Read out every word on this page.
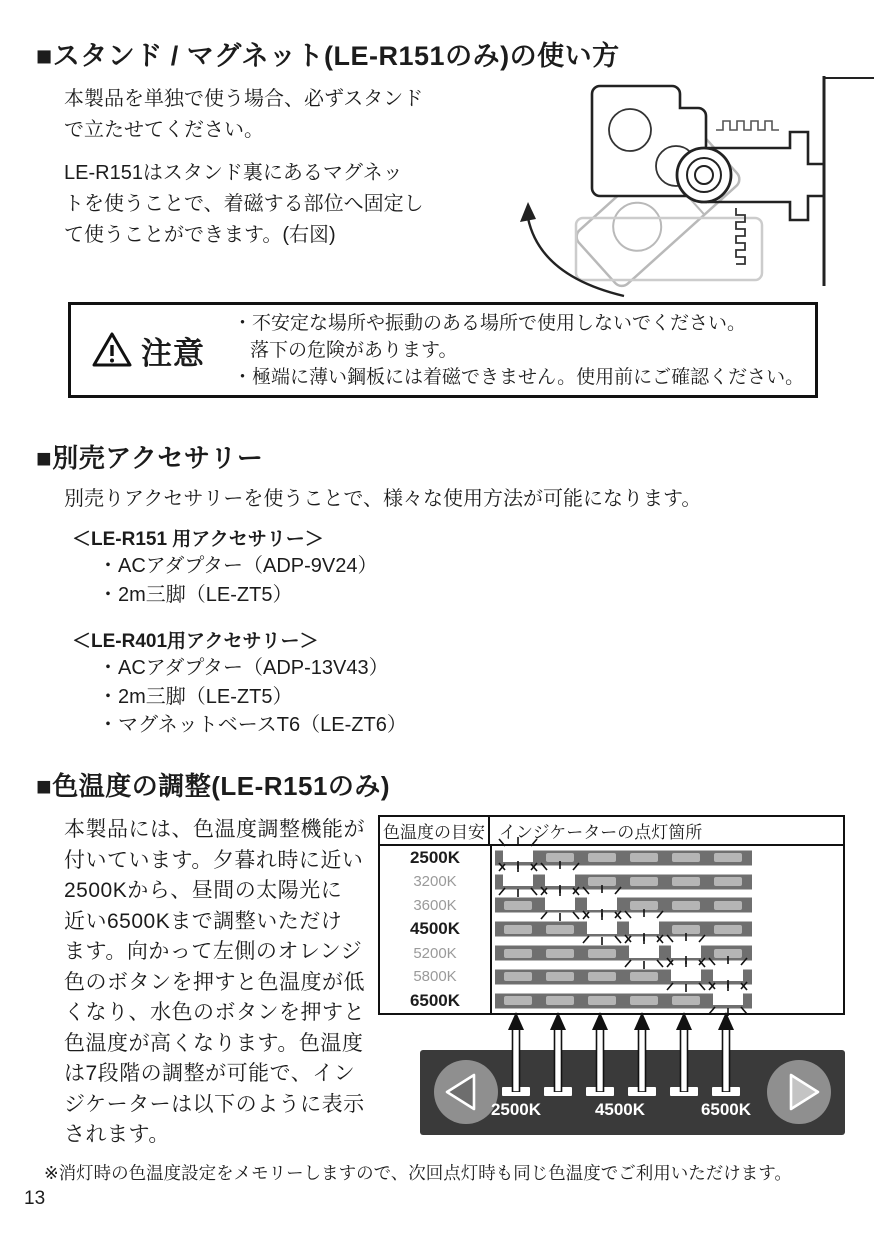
■スタンド / マグネット(LE-R151のみ)の使い方
本製品を単独で使う場合、必ずスタンド
で立たせてください。
LE-R151はスタンド裏にあるマグネッ
トを使うことで、着磁する部位へ固定し
て使うことができます。(右図)
注意
・不安定な場所や振動のある場所で使用しないでください。
落下の危険があります。
・極端に薄い鋼板には着磁できません。使用前にご確認ください。
■別売アクセサリー
別売りアクセサリーを使うことで、様々な使用方法が可能になります。
＜LE-R151 用アクセサリー＞
・ACアダプター（ADP-9V24）
・2m三脚（LE-ZT5）
＜LE-R401用アクセサリー＞
・ACアダプター（ADP-13V43）
・2m三脚（LE-ZT5）
・マグネットベースT6（LE-ZT6）
■色温度の調整(LE-R151のみ)
本製品には、色温度調整機能が
付いています。夕暮れ時に近い
2500Kから、昼間の太陽光に
近い6500Kまで調整いただけ
ます。向かって左側のオレンジ
色のボタンを押すと色温度が低
くなり、水色のボタンを押すと
色温度が高くなります。色温度
は7段階の調整が可能で、イン
ジケーターは以下のように表示
されます。
色温度の目安 インジケーターの点灯箇所
2500K
3200K
3600K
4500K
5200K
5800K
6500K
2500K	4500K	6500K
※消灯時の色温度設定をメモリーしますので、次回点灯時も同じ色温度でご利用いただけます。
13
